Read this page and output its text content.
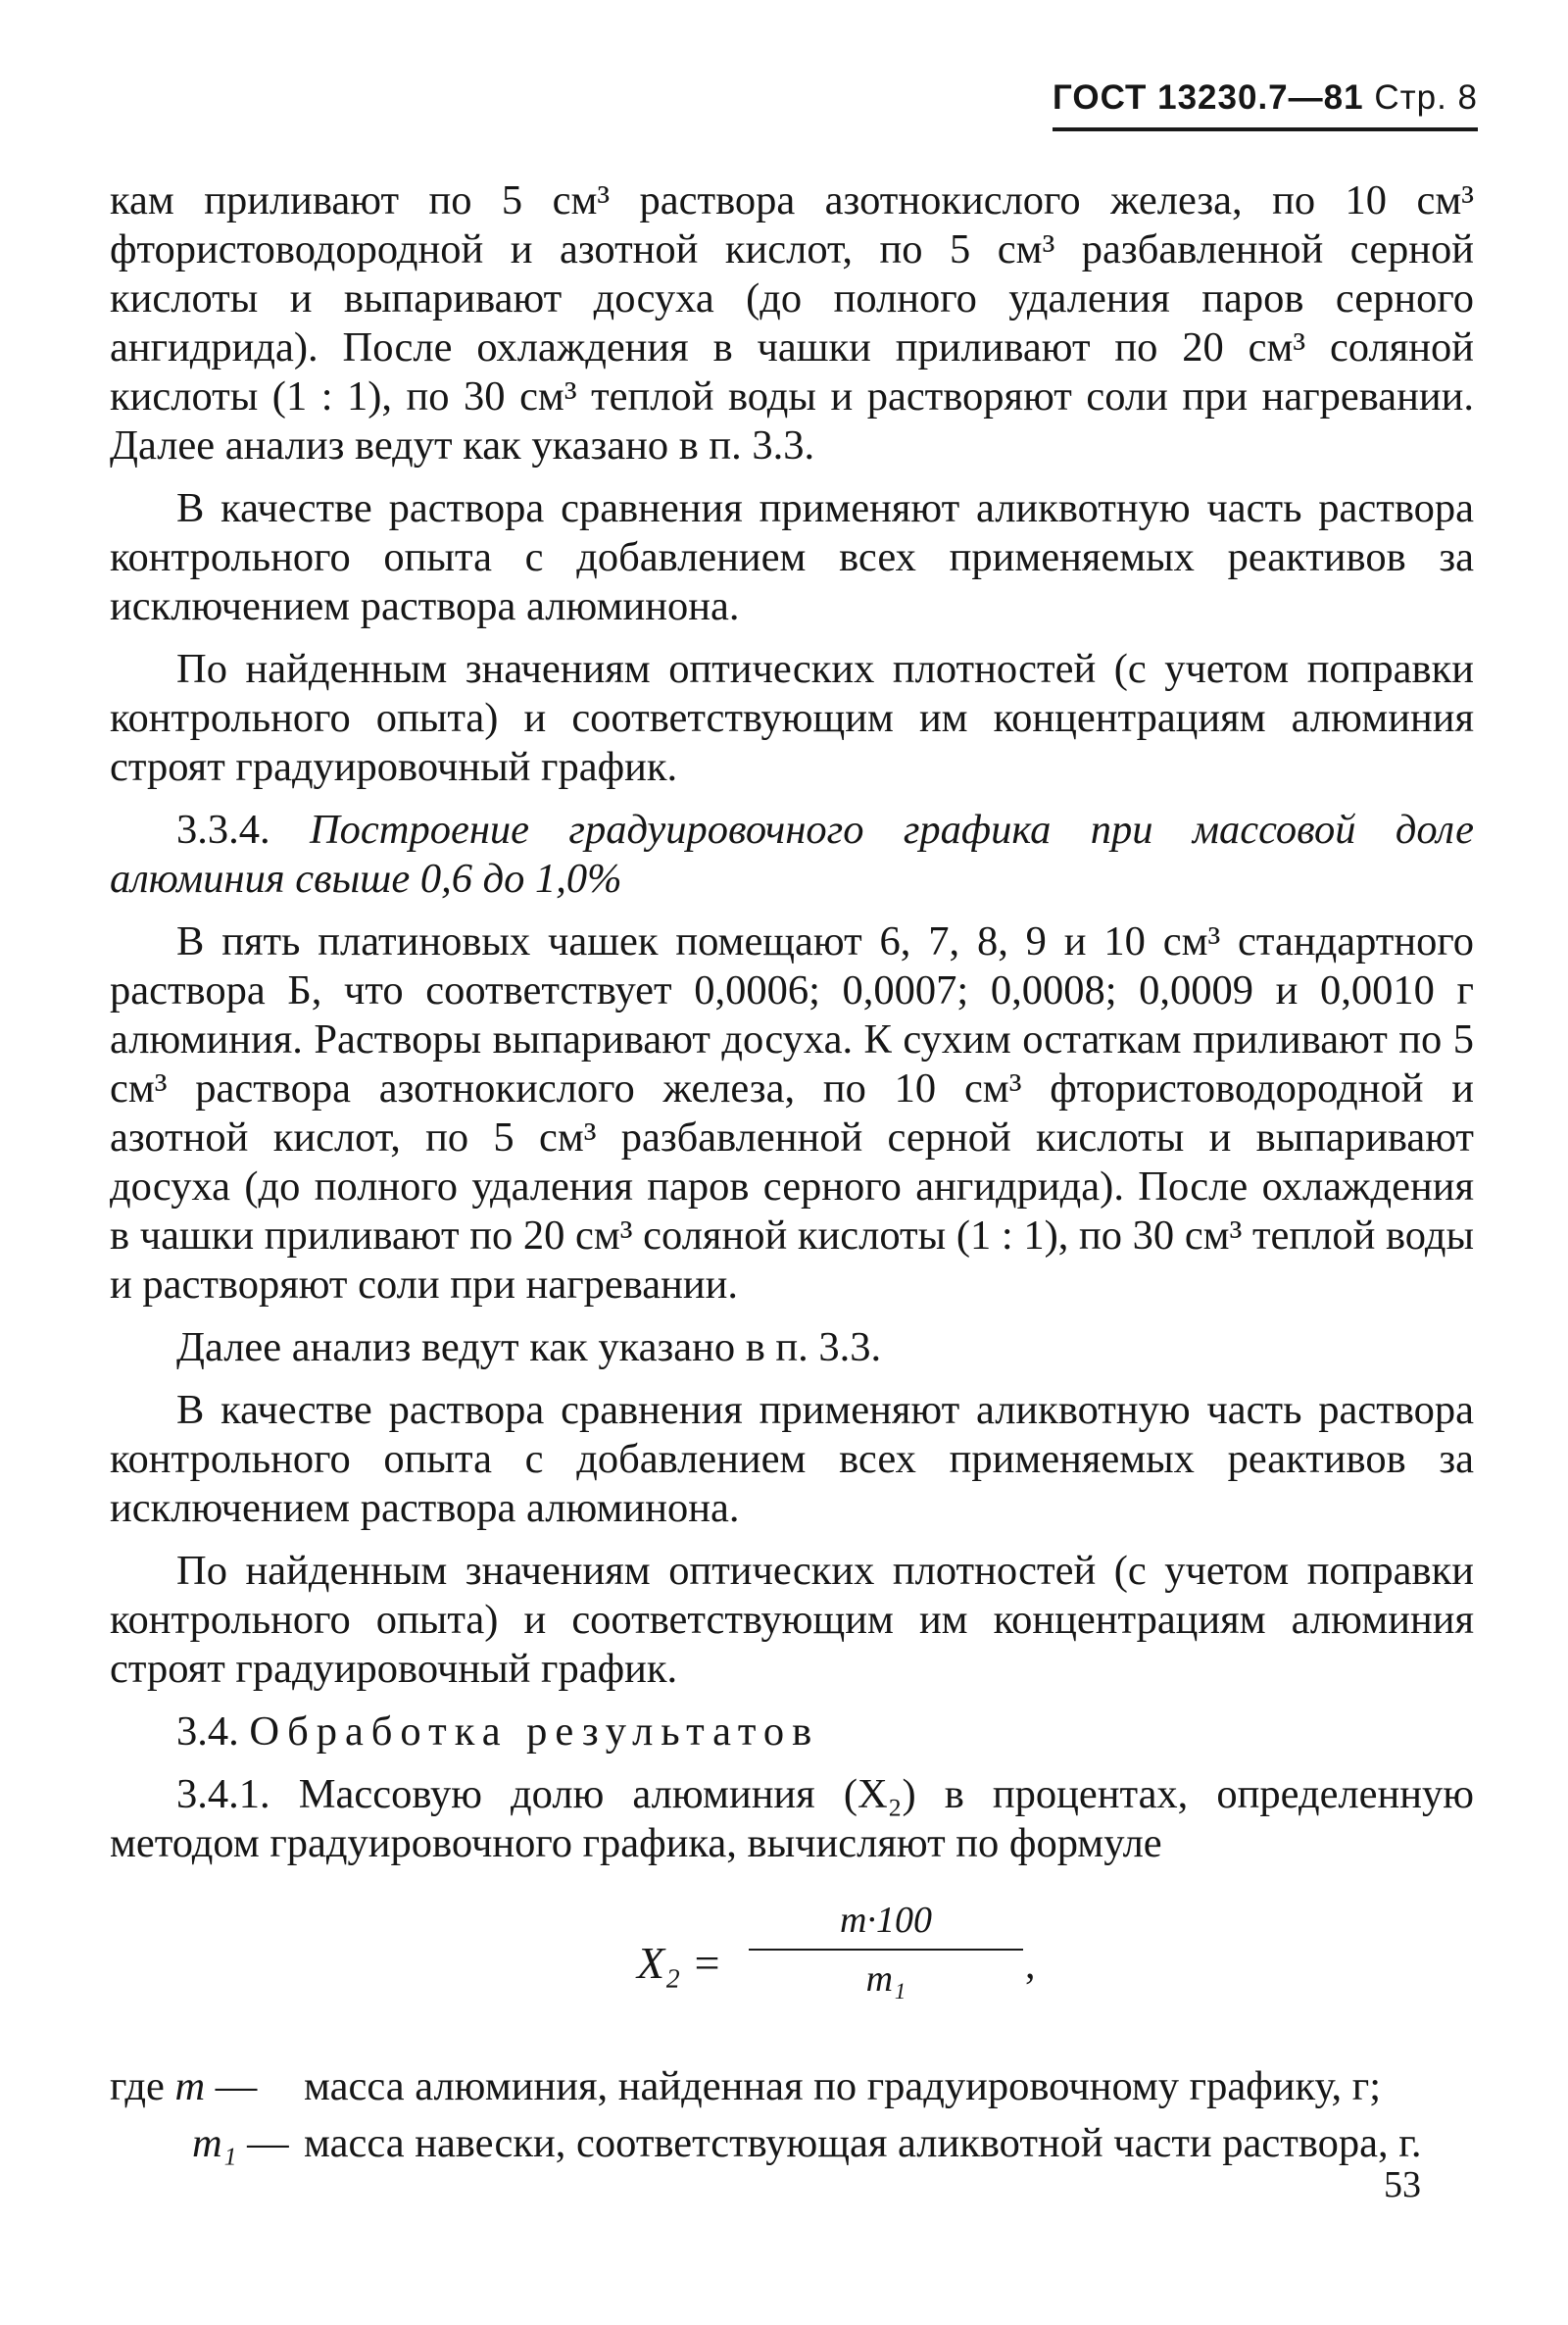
ГОСТ 13230.7—81 Стр. 8

кам приливают по 5 см³ раствора азотнокислого железа, по 10 см³ фтористоводородной и азотной кислот, по 5 см³ разбавленной серной кислоты и выпаривают досуха (до полного удаления паров серного ангидрида). После охлаждения в чашки приливают по 20 см³ соляной кислоты (1 : 1), по 30 см³ теплой воды и растворяют соли при нагревании. Далее анализ ведут как указано в п. 3.3.

В качестве раствора сравнения применяют аликвотную часть раствора контрольного опыта с добавлением всех применяемых реактивов за исключением раствора алюминона.

По найденным значениям оптических плотностей (с учетом поправки контрольного опыта) и соответствующим им концентрациям алюминия строят градуировочный график.

3.3.4. Построение градуировочного графика при массовой доле алюминия свыше 0,6 до 1,0%

В пять платиновых чашек помещают 6, 7, 8, 9 и 10 см³ стандартного раствора Б, что соответствует 0,0006; 0,0007; 0,0008; 0,0009 и 0,0010 г алюминия. Растворы выпаривают досуха. К сухим остаткам приливают по 5 см³ раствора азотнокислого железа, по 10 см³ фтористоводородной и азотной кислот, по 5 см³ разбавленной серной кислоты и выпаривают досуха (до полного удаления паров серного ангидрида). После охлаждения в чашки приливают по 20 см³ соляной кислоты (1 : 1), по 30 см³ теплой воды и растворяют соли при нагревании.

Далее анализ ведут как указано в п. 3.3.

В качестве раствора сравнения применяют аликвотную часть раствора контрольного опыта с добавлением всех применяемых реактивов за исключением раствора алюминона.

По найденным значениям оптических плотностей (с учетом поправки контрольного опыта) и соответствующим им концентрациям алюминия строят градуировочный график.

3.4. Обработка результатов

3.4.1. Массовую долю алюминия (X₂) в процентах, определенную методом градуировочного графика, вычисляют по формуле

X₂ =
m·100
m₁	,
где m —	масса алюминия, найденная по градуировочному графику, г;
m₁ — масса навески, соответствующая аликвотной части раствора, г.
53
